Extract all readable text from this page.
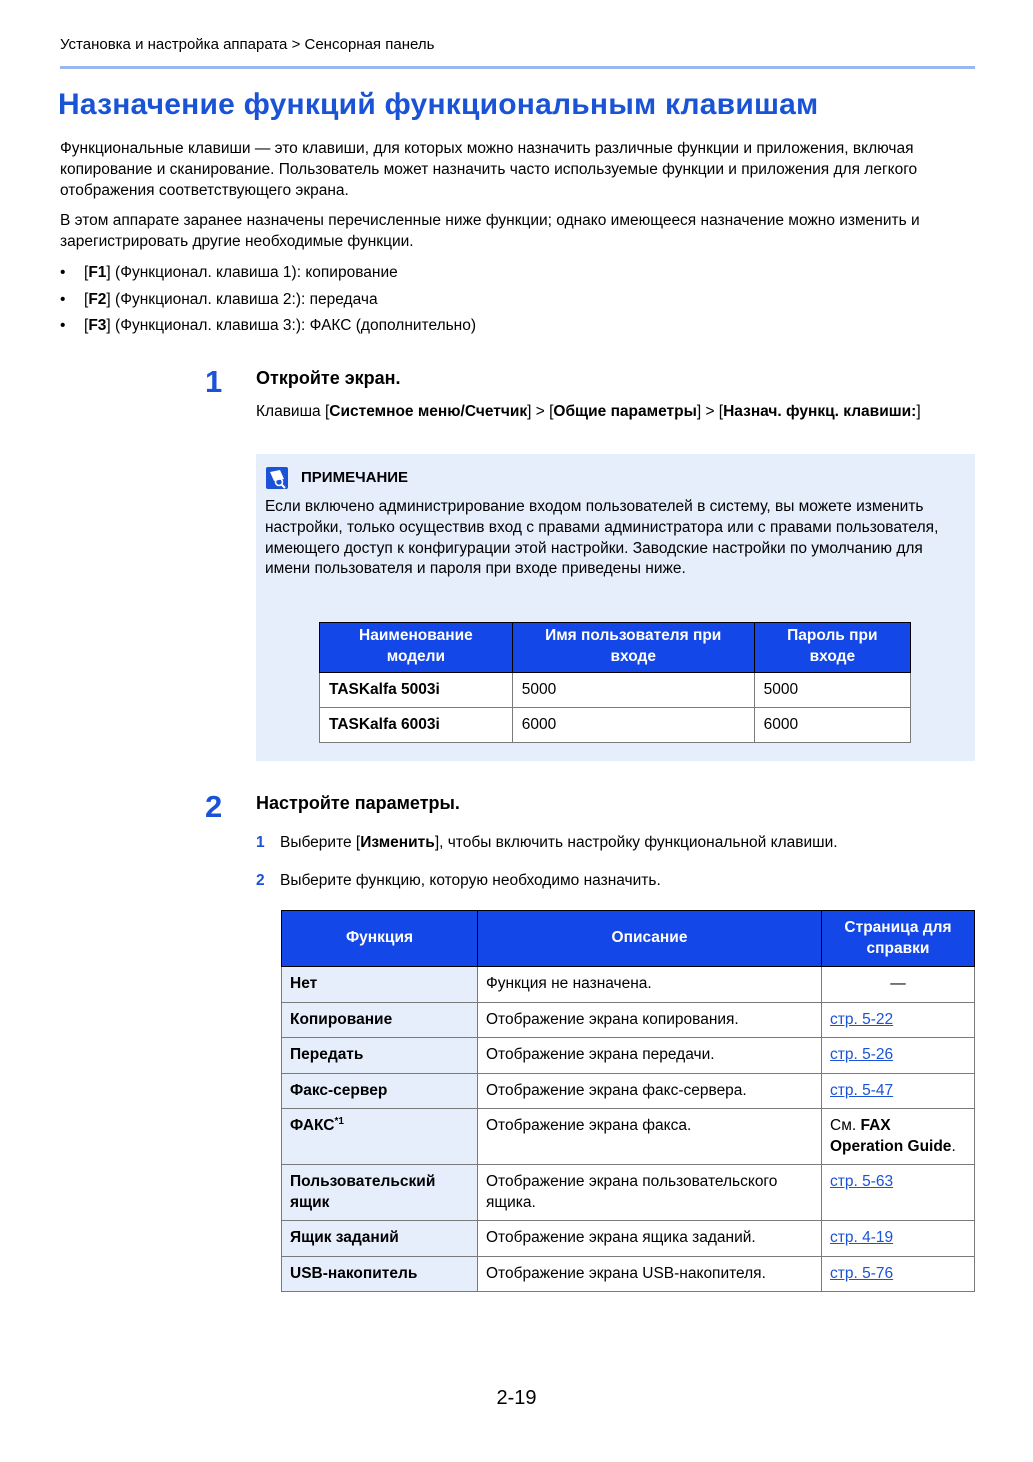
Установка и настройка аппарата > Сенсорная панель
Назначение функций функциональным клавишам

Функциональные клавиши — это клавиши, для которых можно назначить различные функции и приложения, включая копирование и сканирование. Пользователь может назначить часто используемые функции и приложения для легкого отображения соответствующего экрана.

В этом аппарате заранее назначены перечисленные ниже функции; однако имеющееся назначение можно изменить и зарегистрировать другие необходимые функции.

• [F1] (Функционал. клавиша 1): копирование
• [F2] (Функционал. клавиша 2:): передача
• [F3] (Функционал. клавиша 3:): ФАКС (дополнительно)
1 Откройте экран.

Клавиша [Системное меню/Счетчик] > [Общие параметры] > [Назнач. функц. клавиши:]

ПРИМЕЧАНИЕ

Если включено администрирование входом пользователей в систему, вы можете изменить настройки, только осуществив вход с правами администратора или с правами пользователя, имеющего доступ к конфигурации этой настройки. Заводские настройки по умолчанию для имени пользователя и пароля при входе приведены ниже.

Наименование модели	Имя пользователя при входе	Пароль при входе
TASKalfa 5003i	5000	5000
TASKalfa 6003i	6000	6000
2 Настройте параметры.
1 Выберите [Изменить], чтобы включить настройку функциональной клавиши.
2 Выберите функцию, которую необходимо назначить.
Функция	Описание	Страница для справки
Нет	Функция не назначена.	—
Копирование	Отображение экрана копирования.	стр. 5-22
Передать	Отображение экрана передачи.	стр. 5-26
Факс-сервер	Отображение экрана факс-сервера.	стр. 5-47
ФАКС$^{*1}$	Отображение экрана факса.	См. FAX Operation Guide.
Пользовательский ящик	Отображение экрана пользовательского ящика.	стр. 5-63
Ящик заданий	Отображение экрана ящика заданий.	стр. 4-19
USB-накопитель	Отображение экрана USB-накопителя.	стр. 5-76
2-19
